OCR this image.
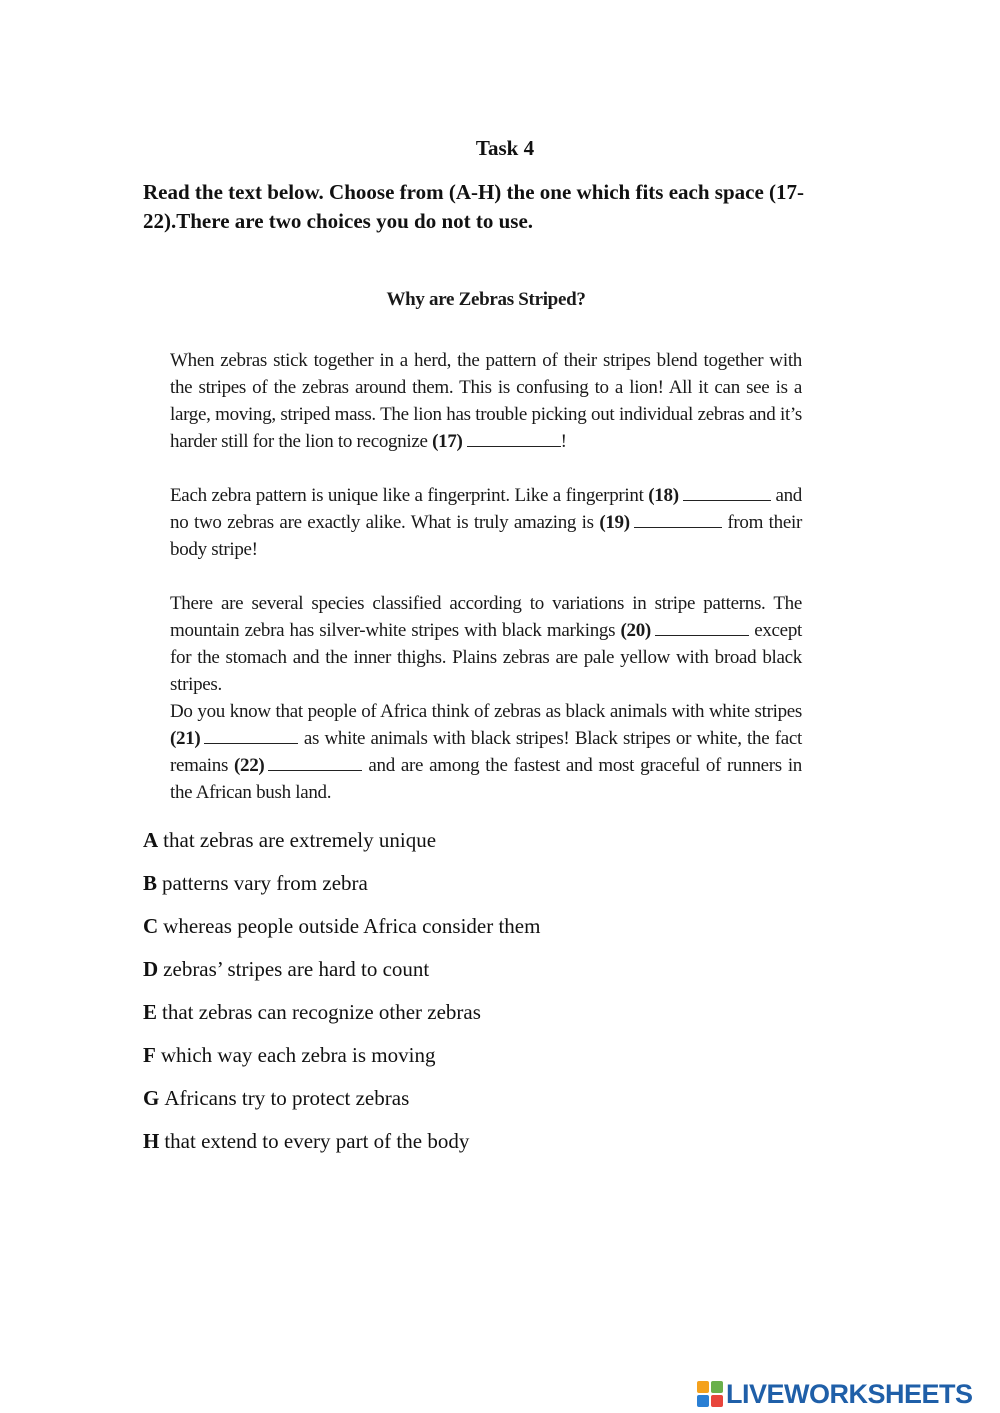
Task 4
Read the text below. Choose from (A-H) the one which fits each space (17-22).There are two choices you do not to use.
Why are Zebras Striped?

When zebras stick together in a herd, the pattern of their stripes blend together with the stripes of the zebras around them. This is confusing to a lion! All it can see is a large, moving, striped mass. The lion has trouble picking out individual zebras and it’s harder still for the lion to recognize (17)	!

Each zebra pattern is unique like a fingerprint. Like a fingerprint (18)	and no two zebras are exactly alike. What is truly amazing is (19)	from their body stripe!

There are several species classified according to variations in stripe patterns. The mountain zebra has silver-white stripes with black markings (20)	except for the stomach and the inner thighs. Plains zebras are pale yellow with broad black stripes.

Do you know that people of Africa think of zebras as black animals with white stripes (21)	as white animals with black stripes! Black stripes or white, the fact remains (22)	and are among the fastest and most graceful of runners in the African bush land.

A that zebras are extremely unique
B patterns vary from zebra
C whereas people outside Africa consider them
D zebras’ stripes are hard to count
E that zebras can recognize other zebras
F which way each zebra is moving
G Africans try to protect zebras
H that extend to every part of the body
LIVEWORKSHEETS
